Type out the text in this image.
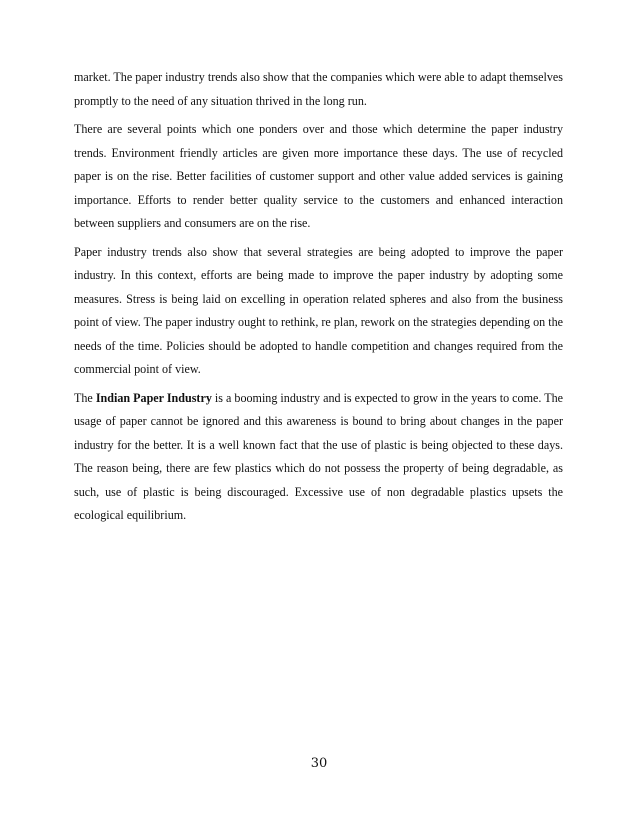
market. The paper industry trends also show that the companies which were able to adapt themselves promptly to the need of any situation thrived in the long run.

There are several points which one ponders over and those which determine the paper industry trends. Environment friendly articles are given more importance these days. The use of recycled paper is on the rise. Better facilities of customer support and other value added services is gaining importance. Efforts to render better quality service to the customers and enhanced interaction between suppliers and consumers are on the rise.

Paper industry trends also show that several strategies are being adopted to improve the paper industry. In this context, efforts are being made to improve the paper industry by adopting some measures. Stress is being laid on excelling in operation related spheres and also from the business point of view. The paper industry ought to rethink, re plan, rework on the strategies depending on the needs of the time. Policies should be adopted to handle competition and changes required from the commercial point of view.

The Indian Paper Industry is a booming industry and is expected to grow in the years to come. The usage of paper cannot be ignored and this awareness is bound to bring about changes in the paper industry for the better. It is a well known fact that the use of plastic is being objected to these days. The reason being, there are few plastics which do not possess the property of being degradable, as such, use of plastic is being discouraged. Excessive use of non degradable plastics upsets the ecological equilibrium.

30
